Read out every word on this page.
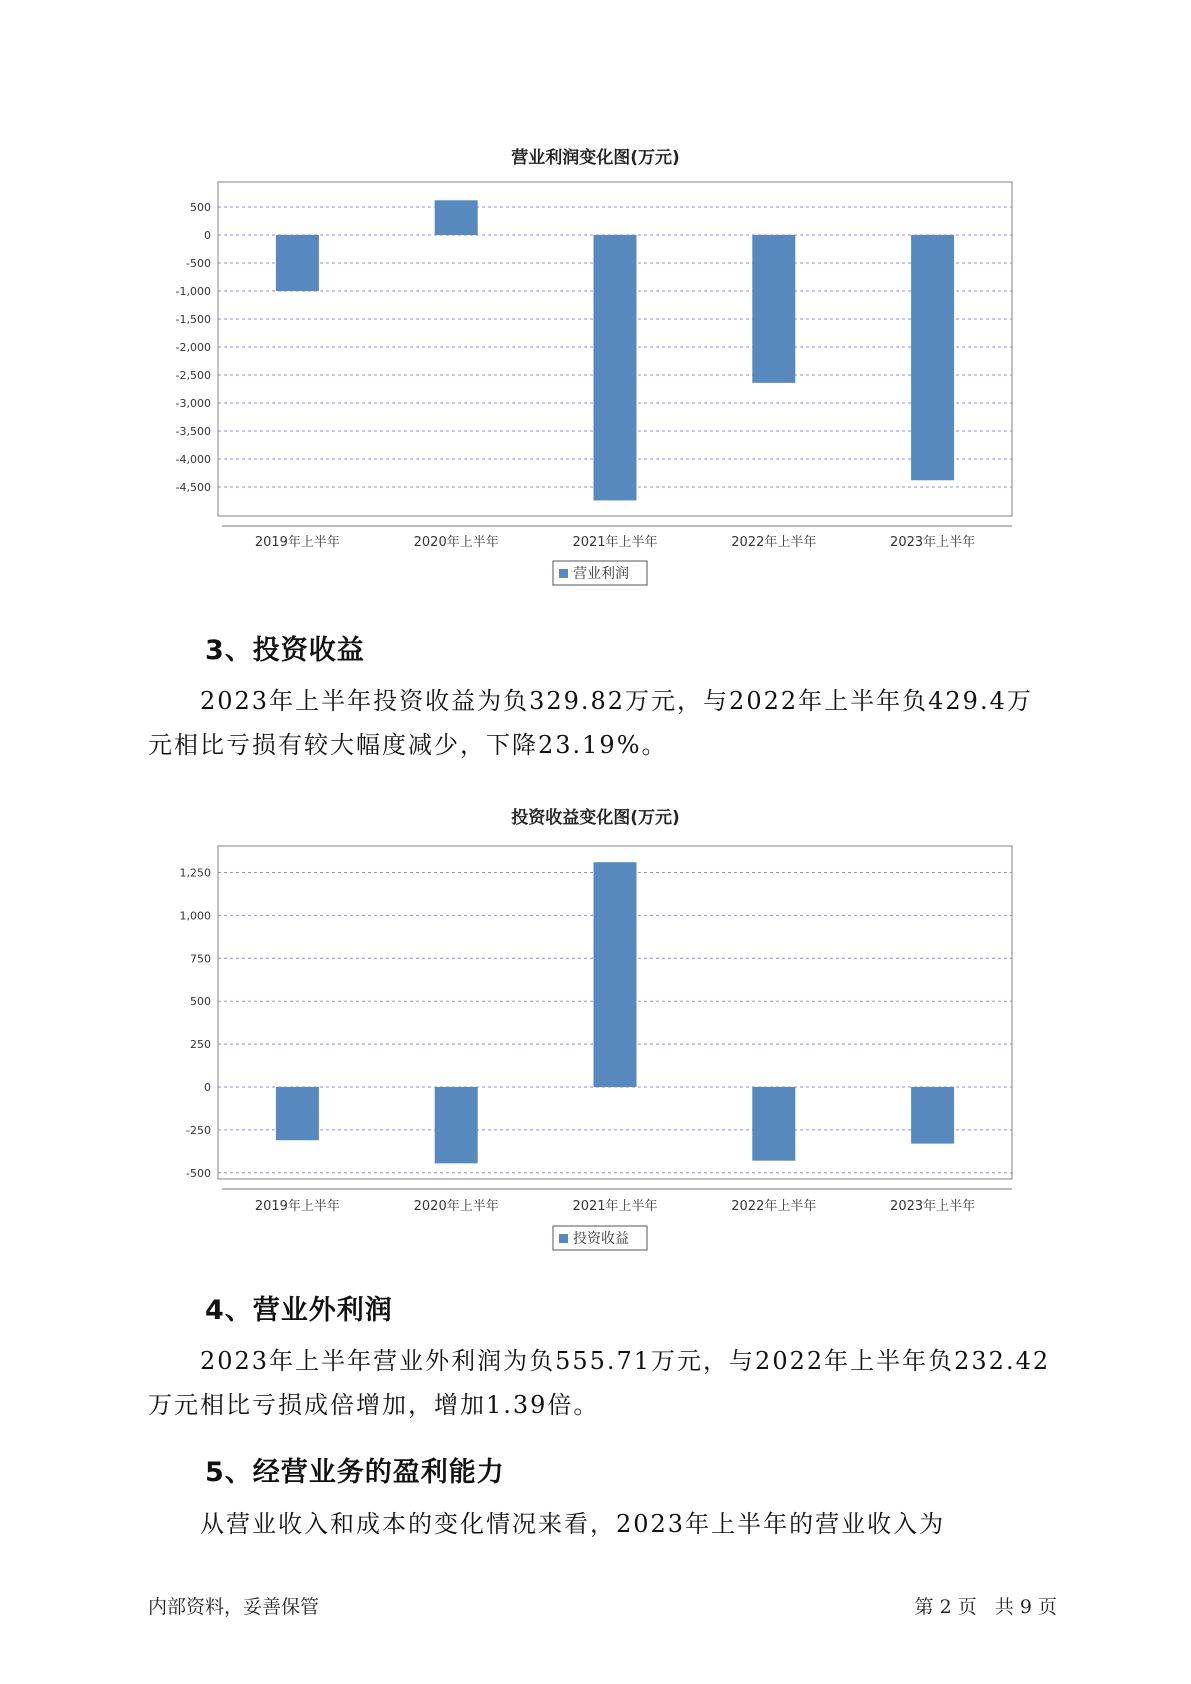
营业利润变化图(万元)
500
0
-500
-1,000
-1,500
-2,000
-2,500
-3,000
-3,500
-4,000
-4,500
2019年上半年	2020年上半年	2021年上半年	2022年上半年	2023年上半年
营业利润
3、投资收益

2023年上半年投资收益为负329.82万元，与2022年上半年负429.4万元相比亏损有较大幅度减少，下降23.19%。

投资收益变化图(万元)
1,250
1,000
750
500
250
0
-250
-500
2019年上半年	2020年上半年	2021年上半年	2022年上半年	2023年上半年
投资收益
4、营业外利润

2023年上半年营业外利润为负555.71万元，与2022年上半年负232.42万元相比亏损成倍增加，增加1.39倍。

5、经营业务的盈利能力

从营业收入和成本的变化情况来看，2023年上半年的营业收入为

内部资料，妥善保管	第 2 页   共 9 页
